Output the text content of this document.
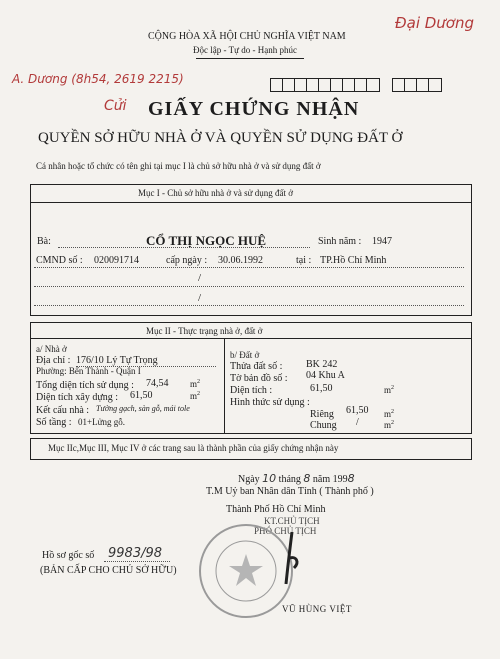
CỘNG HÒA XÃ HỘI CHỦ NGHĨA VIỆT NAM
Độc lập - Tự do - Hạnh phúc
Đại Dương
A. Dương (8h54, 2619 2215)
Cửi GIẤY CHỨNG NHẬN
QUYỀN SỞ HỮU NHÀ Ở VÀ QUYỀN SỬ DỤNG ĐẤT Ở
Cá nhân hoặc tổ chức có tên ghi tại mục I là chủ sở hữu nhà ở và sử dụng đất ở
Mục I - Chủ sở hữu nhà ở và sử dụng đất ở
Bà:	CỔ THỊ NGỌC HUỆ	Sinh năm : 1947
CMND số : 020091714	cấp ngày : 30.06.1992	tại : TP.Hồ Chí Minh
/
/
Mục II - Thực trạng nhà ở, đất ở
a/ Nhà ở
Địa chỉ : 176/10 Lý Tự Trọng
Phường: Bến Thành - Quận I
Tổng diện tích sử dụng : 74,54 $m^2$
Diện tích xây dựng : 61,50	$m^2$
Kết cấu nhà : Tường gạch, sàn gỗ, mái tole
Số tầng : 01+Lửng gỗ.
b/ Đất ở
Thửa đất số : BK 242
Tờ bản đồ số : 04 Khu A
Diện tích :	61,50	$m^2$
Hình thức sử dụng :
Riêng 61,50 $m^2$
Chung /	$m^2$
Mục IIc,Mục III, Mục IV ở các trang sau là thành phần của giấy chứng nhận này
Ngày 10 tháng 8 năm 1998
T.M Uỷ ban Nhân dân Tỉnh ( Thành phố )
Thành Phố Hồ Chí Minh
KT.CHỦ TỊCH
PHÓ CHỦ TỊCH
Hồ sơ gốc số 9983/98
(BẢN CẤP CHO CHỦ SỞ HỮU)
VŨ HÙNG VIỆT
